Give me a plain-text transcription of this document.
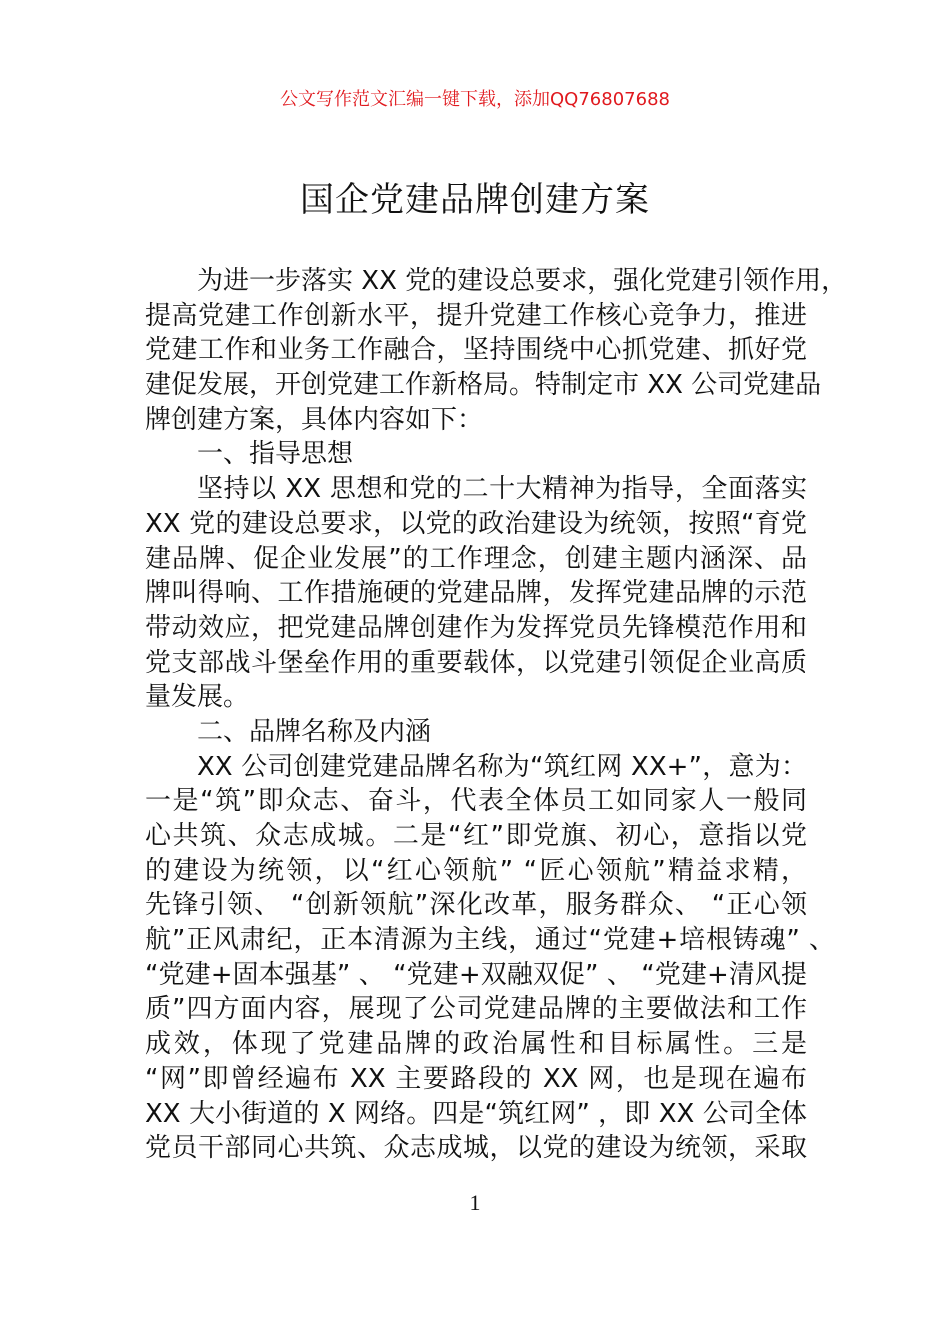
公文写作范文汇编一键下载，添加QQ76807688
国企党建品牌创建方案
为进一步落实 XX 党的建设总要求，强化党建引领作用，
提高党建工作创新水平，提升党建工作核心竞争力，推进
党建工作和业务工作融合，坚持围绕中心抓党建、抓好党
建促发展，开创党建工作新格局。特制定市 XX 公司党建品
牌创建方案，具体内容如下：
一、指导思想
坚持以 XX 思想和党的二十大精神为指导，全面落实
XX 党的建设总要求，以党的政治建设为统领，按照“育党
建品牌、促企业发展”的工作理念，创建主题内涵深、品
牌叫得响、工作措施硬的党建品牌，发挥党建品牌的示范
带动效应，把党建品牌创建作为发挥党员先锋模范作用和
党支部战斗堡垒作用的重要载体，以党建引领促企业高质
量发展。
二、品牌名称及内涵
XX 公司创建党建品牌名称为“筑红网 XX+”，意为：
一是“筑”即众志、奋斗，代表全体员工如同家人一般同
心共筑、众志成城。二是“红”即党旗、初心，意指以党
的建设为统领，以“红心领航” “匠心领航”精益求精，
先锋引领、 “创新领航”深化改革，服务群众、 “正心领
航”正风肃纪，正本清源为主线，通过“党建+培根铸魂” 、
“党建+固本强基” 、 “党建+双融双促” 、 “党建+清风提
质”四方面内容，展现了公司党建品牌的主要做法和工作
成效，体现了党建品牌的政治属性和目标属性。三是
“网”即曾经遍布 XX 主要路段的 XX 网，也是现在遍布
XX 大小街道的 X 网络。四是“筑红网” ，即 XX 公司全体
党员干部同心共筑、众志成城，以党的建设为统领，采取
1
